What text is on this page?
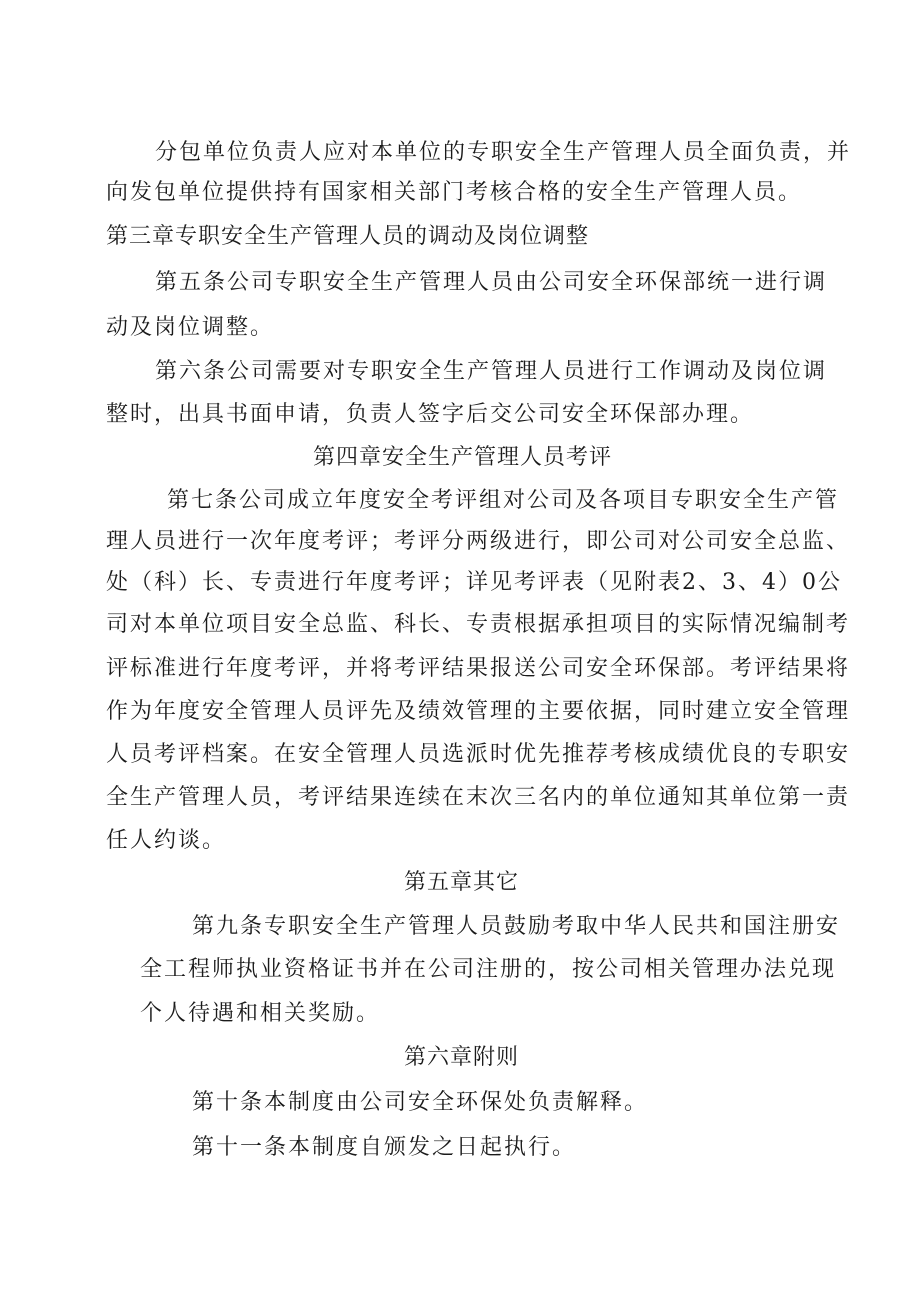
分包单位负责人应对本单位的专职安全生产管理人员全面负责，并
向发包单位提供持有国家相关部门考核合格的安全生产管理人员。
第三章专职安全生产管理人员的调动及岗位调整
第五条公司专职安全生产管理人员由公司安全环保部统一进行调
动及岗位调整。
第六条公司需要对专职安全生产管理人员进行工作调动及岗位调
整时，出具书面申请，负责人签字后交公司安全环保部办理。
第四章安全生产管理人员考评
第七条公司成立年度安全考评组对公司及各项目专职安全生产管
理人员进行一次年度考评；考评分两级进行，即公司对公司安全总监、
处（科）长、专责进行年度考评；详见考评表（见附表2、3、4）0公
司对本单位项目安全总监、科长、专责根据承担项目的实际情况编制考
评标准进行年度考评，并将考评结果报送公司安全环保部。考评结果将
作为年度安全管理人员评先及绩效管理的主要依据，同时建立安全管理
人员考评档案。在安全管理人员选派时优先推荐考核成绩优良的专职安
全生产管理人员，考评结果连续在末次三名内的单位通知其单位第一责
任人约谈。
第五章其它
第九条专职安全生产管理人员鼓励考取中华人民共和国注册安
全工程师执业资格证书并在公司注册的，按公司相关管理办法兑现
个人待遇和相关奖励。
第六章附则
第十条本制度由公司安全环保处负责解释。
第十一条本制度自颁发之日起执行。
